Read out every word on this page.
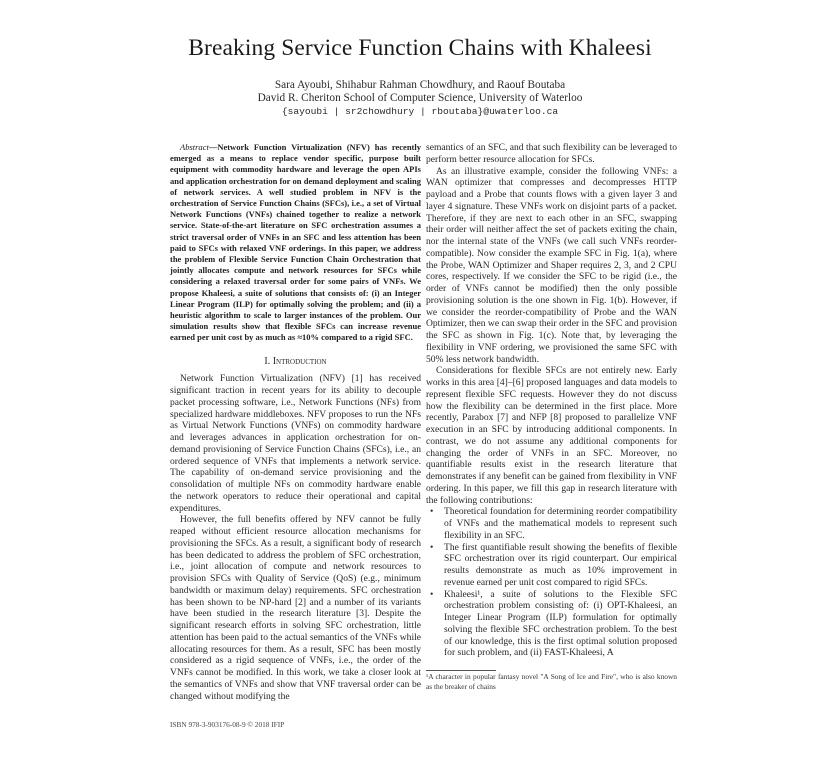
Breaking Service Function Chains with Khaleesi
Sara Ayoubi, Shihabur Rahman Chowdhury, and Raouf Boutaba
David R. Cheriton School of Computer Science, University of Waterloo
{sayoubi | sr2chowdhury | rboutaba}@uwaterloo.ca

Abstract—Network Function Virtualization (NFV) has recently emerged as a means to replace vendor specific, purpose built equipment with commodity hardware and leverage the open APIs and application orchestration for on demand deployment and scaling of network services. A well studied problem in NFV is the orchestration of Service Function Chains (SFCs), i.e., a set of Virtual Network Functions (VNFs) chained together to realize a network service. State-of-the-art literature on SFC orchestration assumes a strict traversal order of VNFs in an SFC and less attention has been paid to SFCs with relaxed VNF orderings. In this paper, we address the problem of Flexible Service Function Chain Orchestration that jointly allocates compute and network resources for SFCs while considering a relaxed traversal order for some pairs of VNFs. We propose Khaleesi, a suite of solutions that consists of: (i) an Integer Linear Program (ILP) for optimally solving the problem; and (ii) a heuristic algorithm to scale to larger instances of the problem. Our simulation results show that flexible SFCs can increase revenue earned per unit cost by as much as ≈10% compared to a rigid SFC.

I. Introduction

Network Function Virtualization (NFV) [1] has received significant traction in recent years for its ability to decouple packet processing software, i.e., Network Functions (NFs) from specialized hardware middleboxes. NFV proposes to run the NFs as Virtual Network Functions (VNFs) on commodity hardware and leverages advances in application orchestration for on-demand provisioning of Service Function Chains (SFCs), i.e., an ordered sequence of VNFs that implements a network service. The capability of on-demand service provisioning and the consolidation of multiple NFs on commodity hardware enable the network operators to reduce their operational and capital expenditures.

However, the full benefits offered by NFV cannot be fully reaped without efficient resource allocation mechanisms for provisioning the SFCs. As a result, a significant body of research has been dedicated to address the problem of SFC orchestration, i.e., joint allocation of compute and network resources to provision SFCs with Quality of Service (QoS) (e.g., minimum bandwidth or maximum delay) requirements. SFC orchestration has been shown to be NP-hard [2] and a number of its variants have been studied in the research literature [3]. Despite the significant research efforts in solving SFC orchestration, little attention has been paid to the actual semantics of the VNFs while allocating resources for them. As a result, SFC has been mostly considered as a rigid sequence of VNFs, i.e., the order of the VNFs cannot be modified. In this work, we take a closer look at the semantics of VNFs and show that VNF traversal order can be changed without modifying the

semantics of an SFC, and that such flexibility can be leveraged to perform better resource allocation for SFCs.

As an illustrative example, consider the following VNFs: a WAN optimizer that compresses and decompresses HTTP payload and a Probe that counts flows with a given layer 3 and layer 4 signature. These VNFs work on disjoint parts of a packet. Therefore, if they are next to each other in an SFC, swapping their order will neither affect the set of packets exiting the chain, nor the internal state of the VNFs (we call such VNFs reorder-compatible). Now consider the example SFC in Fig. 1(a), where the Probe, WAN Optimizer and Shaper requires 2, 3, and 2 CPU cores, respectively. If we consider the SFC to be rigid (i.e., the order of VNFs cannot be modified) then the only possible provisioning solution is the one shown in Fig. 1(b). However, if we consider the reorder-compatibility of Probe and the WAN Optimizer, then we can swap their order in the SFC and provision the SFC as shown in Fig. 1(c). Note that, by leveraging the flexibility in VNF ordering, we provisioned the same SFC with 50% less network bandwidth.

Considerations for flexible SFCs are not entirely new. Early works in this area [4]–[6] proposed languages and data models to represent flexible SFC requests. However they do not discuss how the flexibility can be determined in the first place. More recently, Parabox [7] and NFP [8] proposed to parallelize VNF execution in an SFC by introducing additional components. In contrast, we do not assume any additional components for changing the order of VNFs in an SFC. Moreover, no quantifiable results exist in the research literature that demonstrates if any benefit can be gained from flexibility in VNF ordering. In this paper, we fill this gap in research literature with the following contributions:

• Theoretical foundation for determining reorder compatibility of VNFs and the mathematical models to represent such flexibility in an SFC.
• The first quantifiable result showing the benefits of flexible SFC orchestration over its rigid counterpart. Our empirical results demonstrate as much as 10% improvement in revenue earned per unit cost compared to rigid SFCs.
• Khaleesi¹, a suite of solutions to the Flexible SFC orchestration problem consisting of: (i) OPT-Khaleesi, an Integer Linear Program (ILP) formulation for optimally solving the flexible SFC orchestration problem. To the best of our knowledge, this is the first optimal solution proposed for such problem, and (ii) FAST-Khaleesi, A
¹A character in popular fantasy novel "A Song of Ice and Fire", who is also known as the breaker of chains
ISBN 978-3-903176-08-9 © 2018 IFIP
